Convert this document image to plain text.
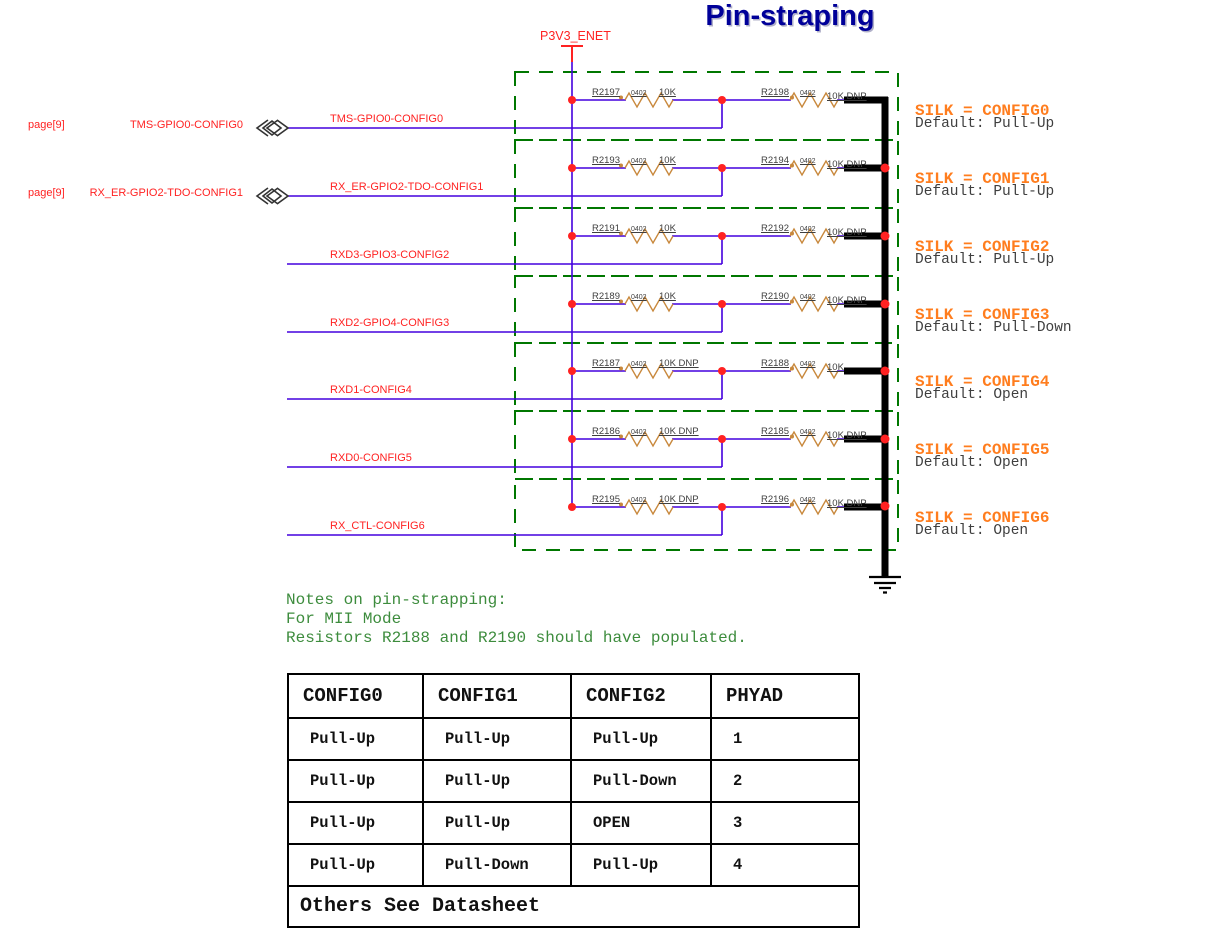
Pin-straping
P3V3_ENET
page[9]	TMS-GPIO0-CONFIG0	TMS-GPIO0-CONFIG0
R2197 0402 10K	R2198 0402 10K DNP
SILK = CONFIG0
Default: Pull-Up
page[9]	RX_ER-GPIO2-TDO-CONFIG1	RX_ER-GPIO2-TDO-CONFIG1
R2193 0402 10K	R2194 0402 10K DNP
SILK = CONFIG1
Default: Pull-Up
RXD3-GPIO3-CONFIG2
R2191 0402 10K	R2192 0402 10K DNP
SILK = CONFIG2
Default: Pull-Up
RXD2-GPIO4-CONFIG3
R2189 0402 10K	R2190 0402 10K DNP
SILK = CONFIG3
Default: Pull-Down
RXD1-CONFIG4
R2187 0402 10K DNP	R2188 0402 10K
SILK = CONFIG4
Default: Open
RXD0-CONFIG5
R2186 0402 10K DNP	R2185 0402 10K DNP
SILK = CONFIG5
Default: Open
RX_CTL-CONFIG6
R2195 0402 10K DNP	R2196 0402 10K DNP
SILK = CONFIG6
Default: Open
Notes on pin-strapping:
For MII Mode
Resistors R2188 and R2190 should have populated.
CONFIG0	CONFIG1	CONFIG2	PHYAD
Pull-Up	Pull-Up	Pull-Up	1
Pull-Up	Pull-Up	Pull-Down	2
Pull-Up	Pull-Up	OPEN	3
Pull-Up	Pull-Down	Pull-Up	4
Others See Datasheet			
